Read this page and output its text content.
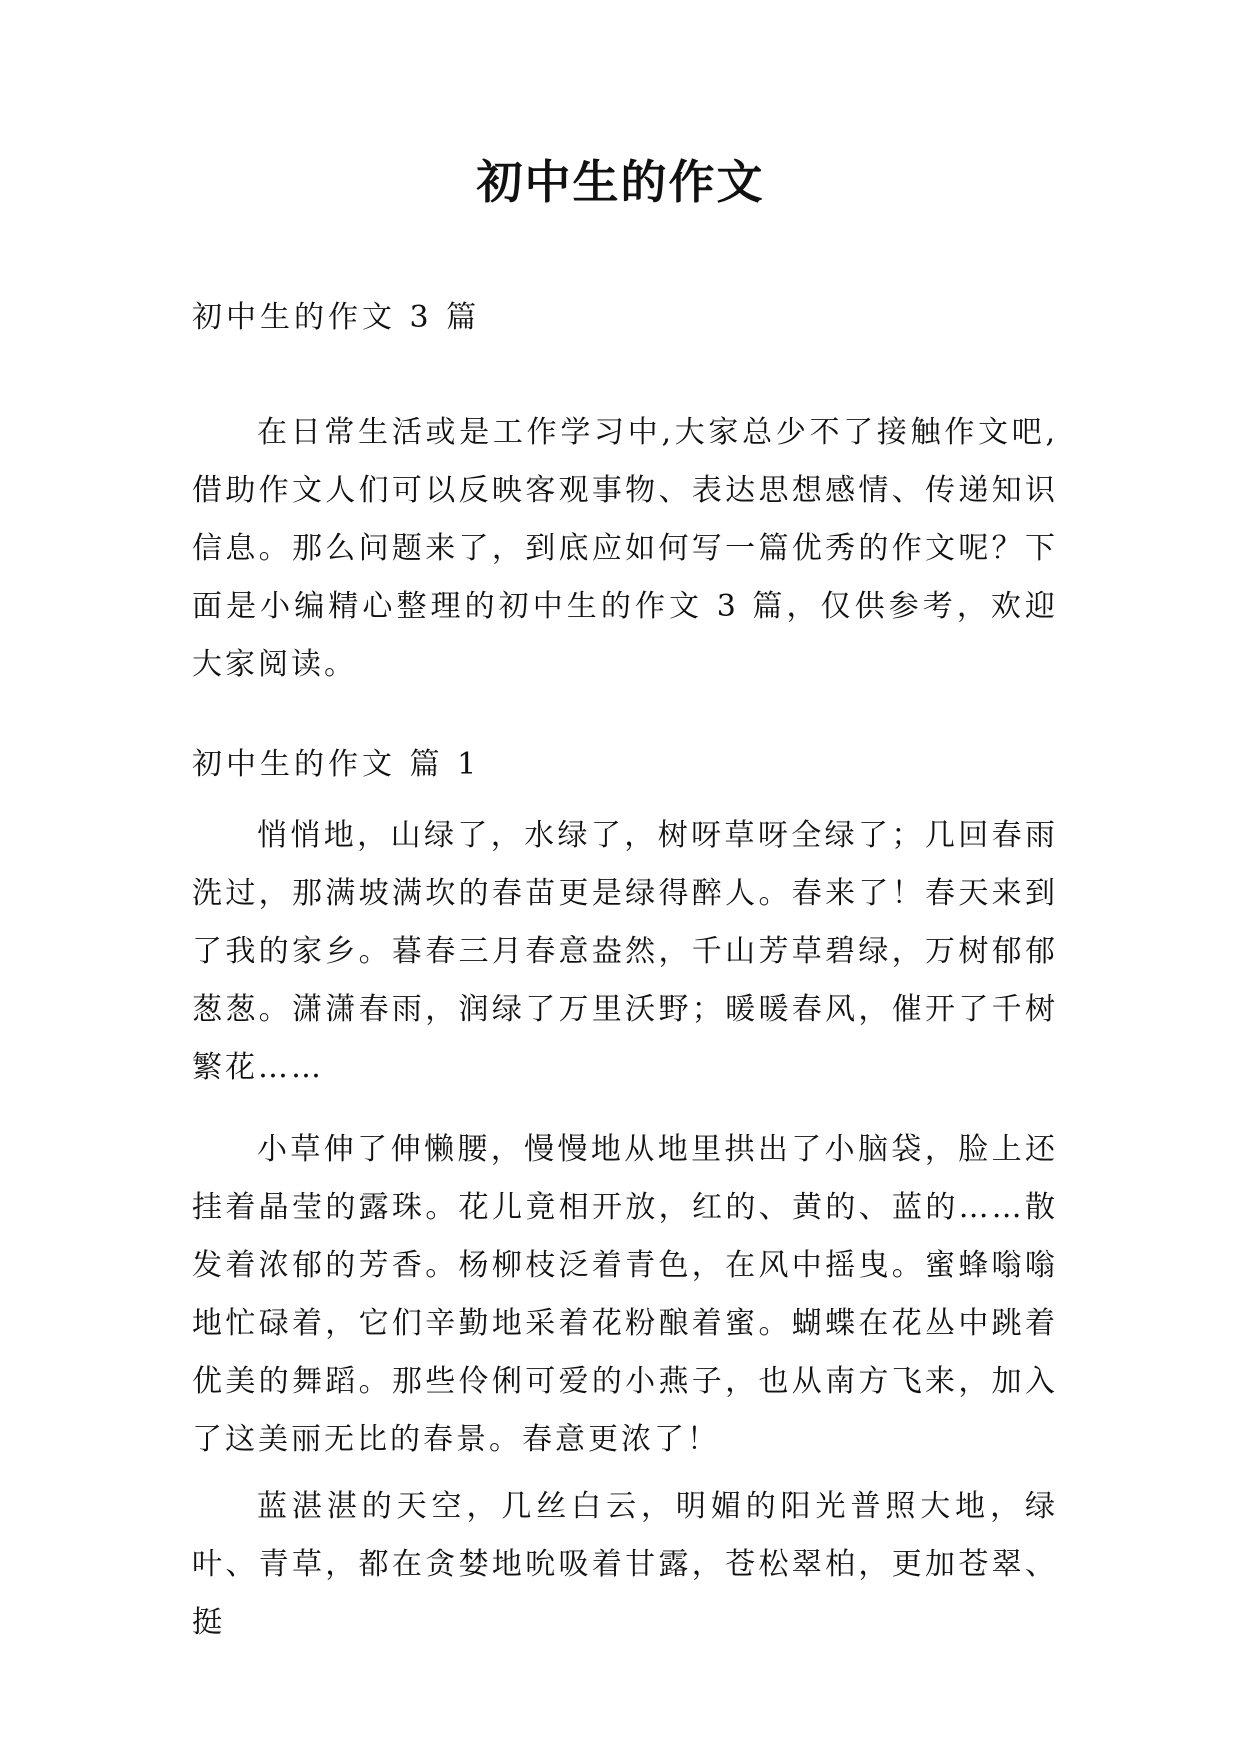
初中生的作文
初中生的作文 3 篇
在日常生活或是工作学习中,大家总少不了接触作文吧,借助作文人们可以反映客观事物、表达思想感情、传递知识信息。那么问题来了，到底应如何写一篇优秀的作文呢？下面是小编精心整理的初中生的作文 3 篇，仅供参考，欢迎大家阅读。
初中生的作文 篇 1
悄悄地，山绿了，水绿了，树呀草呀全绿了；几回春雨洗过，那满坡满坎的春苗更是绿得醉人。春来了！春天来到了我的家乡。暮春三月春意盎然，千山芳草碧绿，万树郁郁葱葱。潇潇春雨，润绿了万里沃野；暖暖春风，催开了千树繁花……
小草伸了伸懒腰，慢慢地从地里拱出了小脑袋，脸上还挂着晶莹的露珠。花儿竟相开放，红的、黄的、蓝的……散发着浓郁的芳香。杨柳枝泛着青色，在风中摇曳。蜜蜂嗡嗡地忙碌着，它们辛勤地采着花粉酿着蜜。蝴蝶在花丛中跳着优美的舞蹈。那些伶俐可爱的小燕子，也从南方飞来，加入了这美丽无比的春景。春意更浓了！
蓝湛湛的天空，几丝白云，明媚的阳光普照大地，绿叶、青草，都在贪婪地吮吸着甘露，苍松翠柏，更加苍翠、挺
